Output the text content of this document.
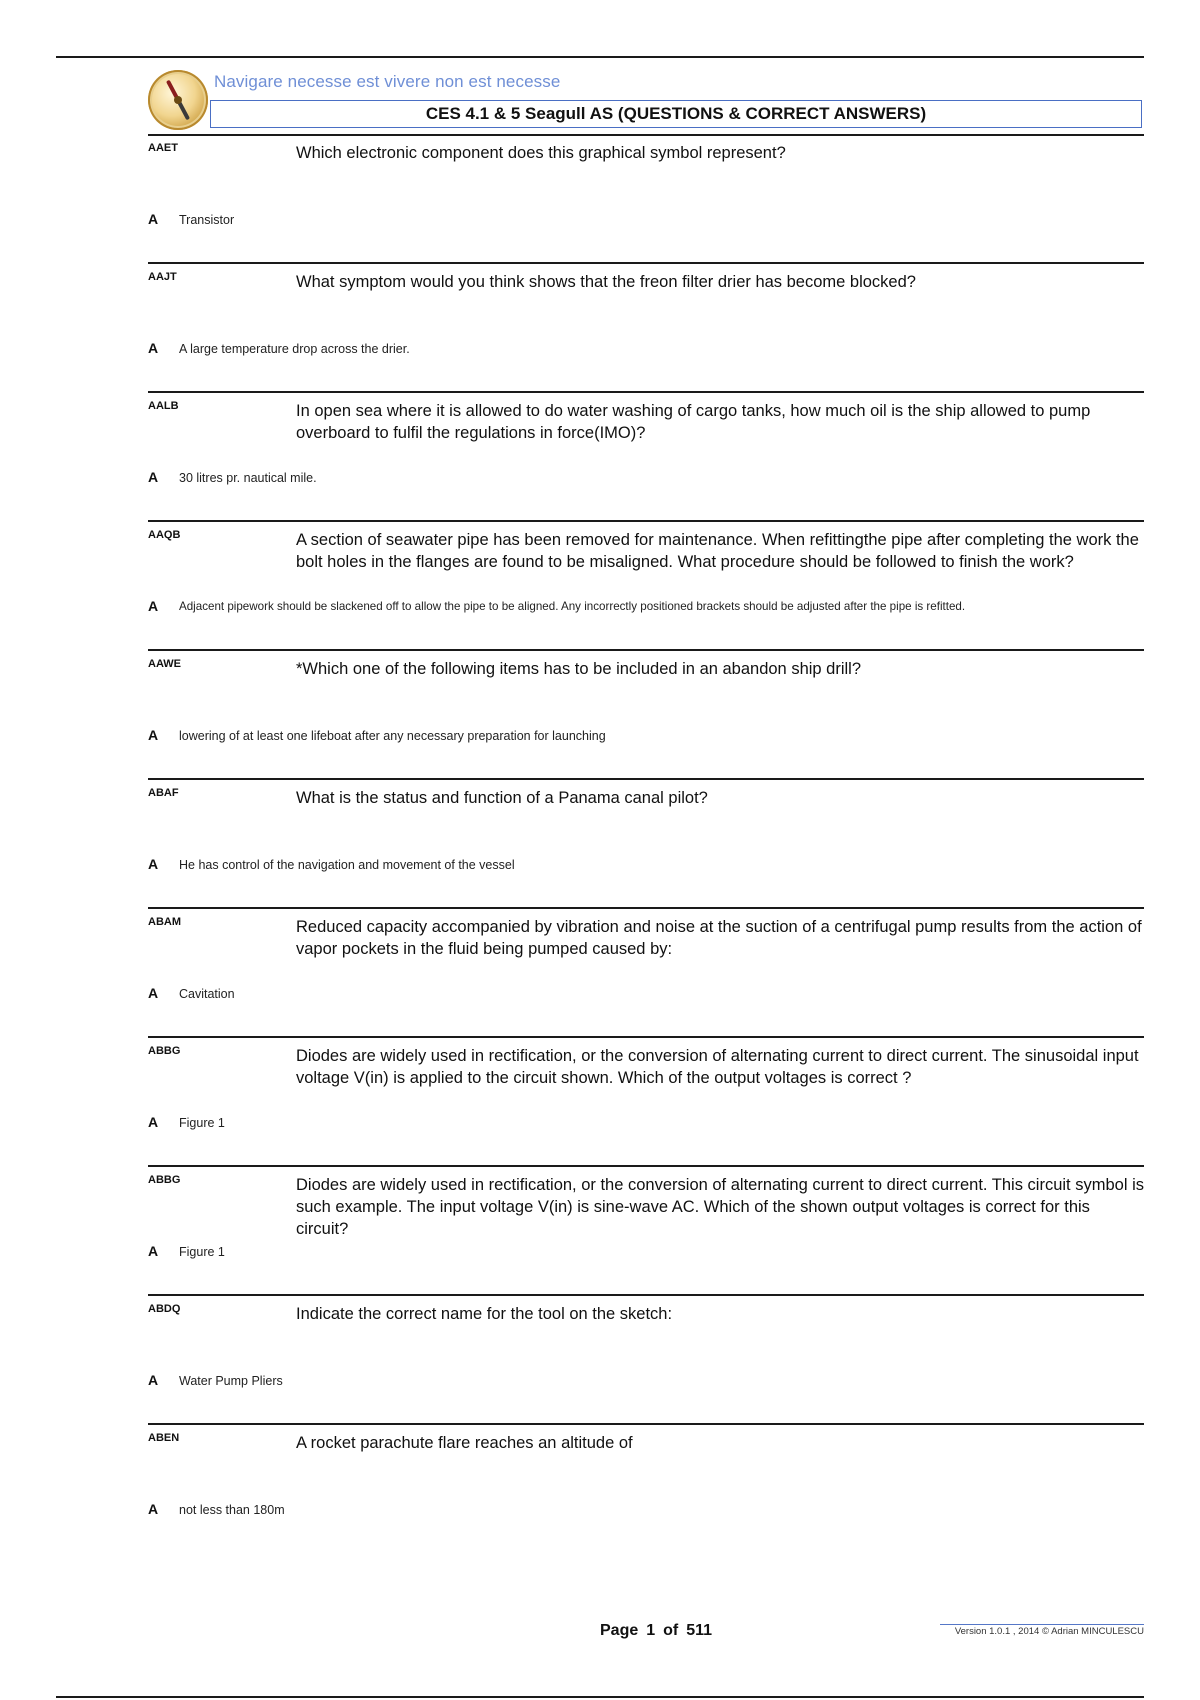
Navigare necesse est vivere non est necesse
CES 4.1 & 5 Seagull AS (QUESTIONS & CORRECT ANSWERS)
AAET	Which electronic component does this graphical symbol represent?
A Transistor
AAJT	What symptom would you think shows that the freon filter drier has become blocked?
A A large temperature drop across the drier.
AALB	In open sea where it is allowed to do water washing of cargo tanks, how much oil is the ship allowed to pump overboard to fulfil the regulations in force(IMO)?
A 30 litres pr. nautical mile.
AAQB	A section of seawater pipe has been removed for maintenance. When refittingthe pipe after completing the work the bolt holes in the flanges are found to be misaligned. What procedure should be followed to finish the work?
A Adjacent pipework should be slackened off to allow the pipe to be aligned. Any incorrectly positioned brackets should be adjusted after the pipe is refitted.
AAWE	*Which one of the following items has to be included in an abandon ship drill?
A lowering of at least one lifeboat after any necessary preparation for launching
ABAF	What is the status and function of a Panama canal pilot?
A He has control of the navigation and movement of the vessel
ABAM	Reduced capacity accompanied by vibration and noise at the suction of a centrifugal pump results from the action of vapor pockets in the fluid being pumped caused by:
A Cavitation
ABBG	Diodes are widely used in rectification, or the conversion of alternating current to direct current. The sinusoidal input voltage V(in) is applied to the circuit shown. Which of the output voltages is correct ?
A Figure 1
ABBG	Diodes are widely used in rectification, or the conversion of alternating current to direct current. This circuit symbol is such example. The input voltage V(in) is sine-wave AC. Which of the shown output voltages is correct for this circuit?
A Figure 1
ABDQ	Indicate the correct name for the tool on the sketch:
A Water Pump Pliers
ABEN	A rocket parachute flare reaches an altitude of
A not less than 180m
Page 1 of 511	Version 1.0.1 , 2014 © Adrian MINCULESCU
